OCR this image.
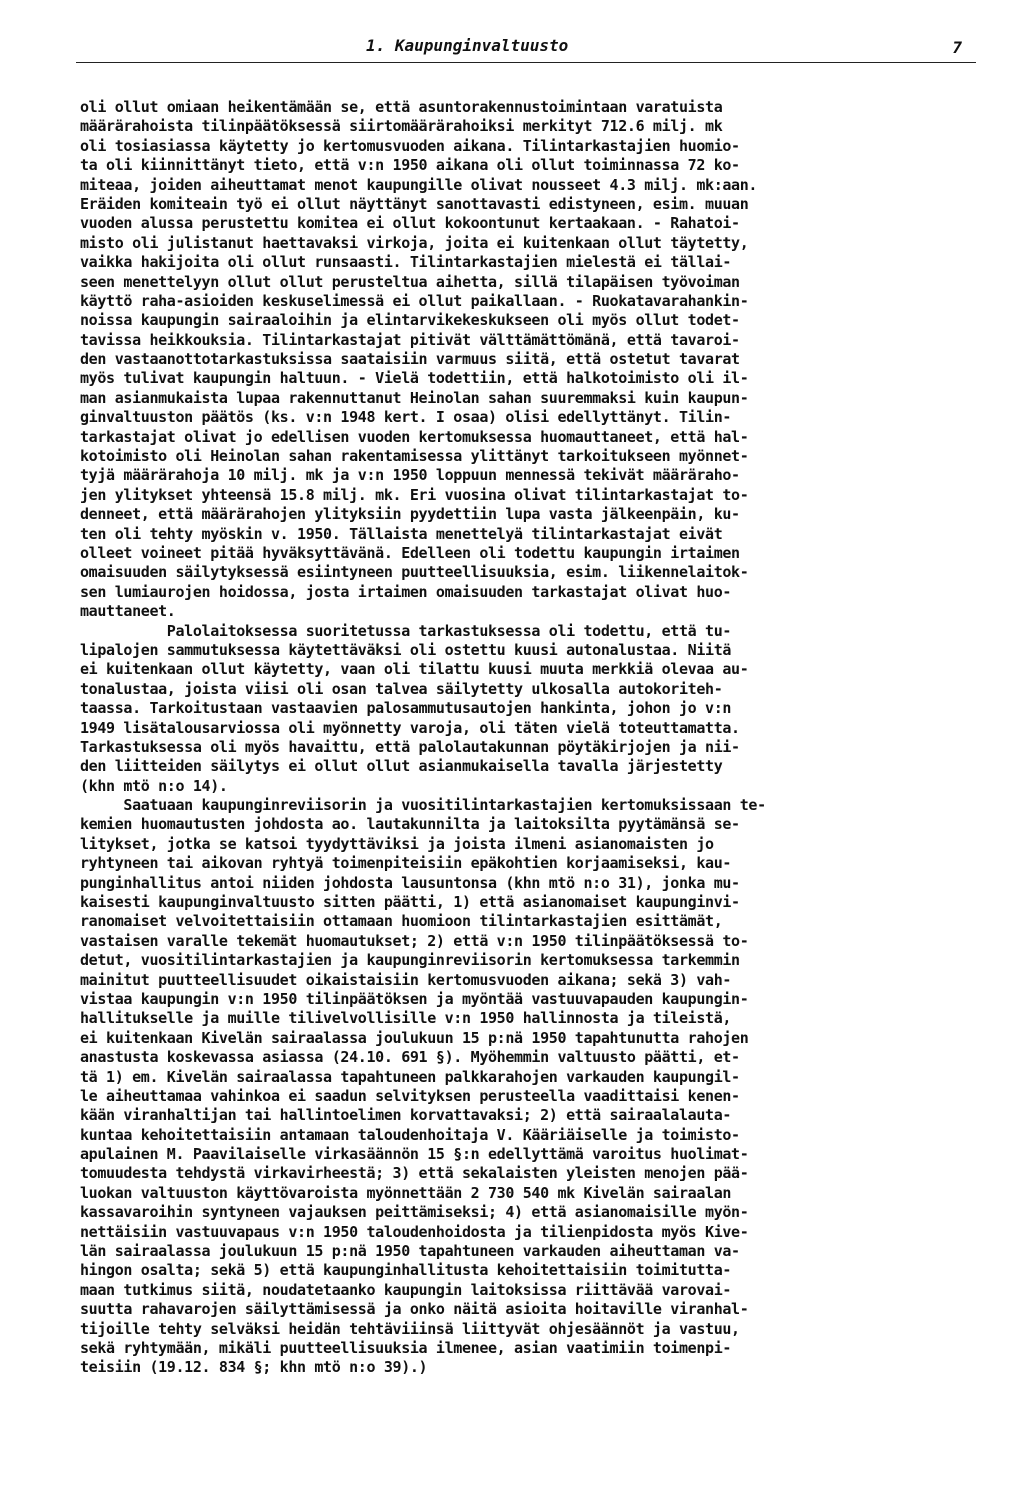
1. Kaupunginvaltuusto	7
oli ollut omiaan heikentämään se, että asuntorakennustoimintaan varatuista
määrärahoista tilinpäätöksessä siirtomäärärahoiksi merkityt 712.6 milj. mk
oli tosiasiassa käytetty jo kertomusvuoden aikana. Tilintarkastajien huomio-
ta oli kiinnittänyt tieto, että v:n 1950 aikana oli ollut toiminnassa 72 ko-
miteaa, joiden aiheuttamat menot kaupungille olivat nousseet 4.3 milj. mk:aan.
Eräiden komiteain työ ei ollut näyttänyt sanottavasti edistyneen, esim. muuan
vuoden alussa perustettu komitea ei ollut kokoontunut kertaakaan. - Rahatoi-
misto oli julistanut haettavaksi virkoja, joita ei kuitenkaan ollut täytetty,
vaikka hakijoita oli ollut runsaasti. Tilintarkastajien mielestä ei tällai-
seen menettelyyn ollut ollut perusteltua aihetta, sillä tilapäisen työvoiman
käyttö raha-asioiden keskuselimessä ei ollut paikallaan. - Ruokatavarahankin-
noissa kaupungin sairaaloihin ja elintarvikekeskukseen oli myös ollut todet-
tavissa heikkouksia. Tilintarkastajat pitivät välttämättömänä, että tavaroi-
den vastaanottotarkastuksissa saataisiin varmuus siitä, että ostetut tavarat
myös tulivat kaupungin haltuun. - Vielä todettiin, että halkotoimisto oli il-
man asianmukaista lupaa rakennuttanut Heinolan sahan suuremmaksi kuin kaupun-
ginvaltuuston päätös (ks. v:n 1948 kert. I osaa) olisi edellyttänyt. Tilin-
tarkastajat olivat jo edellisen vuoden kertomuksessa huomauttaneet, että hal-
kotoimisto oli Heinolan sahan rakentamisessa ylittänyt tarkoitukseen myönnet-
tyjä määrärahoja 10 milj. mk ja v:n 1950 loppuun mennessä tekivät määräraho-
jen ylitykset yhteensä 15.8 milj. mk. Eri vuosina olivat tilintarkastajat to-
denneet, että määrärahojen ylityksiin pyydettiin lupa vasta jälkeenpäin, ku-
ten oli tehty myöskin v. 1950. Tällaista menettelyä tilintarkastajat eivät
olleet voineet pitää hyväksyttävänä. Edelleen oli todettu kaupungin irtaimen
omaisuuden säilytyksessä esiintyneen puutteellisuuksia, esim. liikennelaitok-
sen lumiaurojen hoidossa, josta irtaimen omaisuuden tarkastajat olivat huo-
mauttaneet.
Palolaitoksessa suoritetussa tarkastuksessa oli todettu, että tu-
lipalojen sammutuksessa käytettäväksi oli ostettu kuusi autonalustaa. Niitä
ei kuitenkaan ollut käytetty, vaan oli tilattu kuusi muuta merkkiä olevaa au-
tonalustaa, joista viisi oli osan talvea säilytetty ulkosalla autokoriteh-
taassa. Tarkoitustaan vastaavien palosammutusautojen hankinta, johon jo v:n
1949 lisätalousarviossa oli myönnetty varoja, oli täten vielä toteuttamatta.
Tarkastuksessa oli myös havaittu, että palolautakunnan pöytäkirjojen ja nii-
den liitteiden säilytys ei ollut ollut asianmukaisella tavalla järjestetty
(khn mtö n:o 14).
Saatuaan kaupunginreviisorin ja vuositilintarkastajien kertomuksissaan te-
kemien huomautusten johdosta ao. lautakunnilta ja laitoksilta pyytämänsä se-
litykset, jotka se katsoi tyydyttäviksi ja joista ilmeni asianomaisten jo
ryhtyneen tai aikovan ryhtyä toimenpiteisiin epäkohtien korjaamiseksi, kau-
punginhallitus antoi niiden johdosta lausuntonsa (khn mtö n:o 31), jonka mu-
kaisesti kaupunginvaltuusto sitten päätti, 1) että asianomaiset kaupunginvi-
ranomaiset velvoitettaisiin ottamaan huomioon tilintarkastajien esittämät,
vastaisen varalle tekemät huomautukset; 2) että v:n 1950 tilinpäätöksessä to-
detut, vuositilintarkastajien ja kaupunginreviisorin kertomuksessa tarkemmin
mainitut puutteellisuudet oikaistaisiin kertomusvuoden aikana; sekä 3) vah-
vistaa kaupungin v:n 1950 tilinpäätöksen ja myöntää vastuuvapauden kaupungin-
hallitukselle ja muille tilivelvollisille v:n 1950 hallinnosta ja tileistä,
ei kuitenkaan Kivelän sairaalassa joulukuun 15 p:nä 1950 tapahtunutta rahojen
anastusta koskevassa asiassa (24.10. 691 §). Myöhemmin valtuusto päätti, et-
tä 1) em. Kivelän sairaalassa tapahtuneen palkkarahojen varkauden kaupungil-
le aiheuttamaa vahinkoa ei saadun selvityksen perusteella vaadittaisi kenen-
kään viranhaltijan tai hallintoelimen korvattavaksi; 2) että sairaalalauta-
kuntaa kehoitettaisiin antamaan taloudenhoitaja V. Kääriäiselle ja toimisto-
apulainen M. Paavilaiselle virkasäännön 15 §:n edellyttämä varoitus huolimat-
tomuudesta tehdystä virkavirheestä; 3) että sekalaisten yleisten menojen pää-
luokan valtuuston käyttövaroista myönnettään 2 730 540 mk Kivelän sairaalan
kassavaroihin syntyneen vajauksen peittämiseksi; 4) että asianomaisille myön-
nettäisiin vastuuvapaus v:n 1950 taloudenhoidosta ja tilienpidosta myös Kive-
län sairaalassa joulukuun 15 p:nä 1950 tapahtuneen varkauden aiheuttaman va-
hingon osalta; sekä 5) että kaupunginhallitusta kehoitettaisiin toimitutta-
maan tutkimus siitä, noudatetaanko kaupungin laitoksissa riittävää varovai-
suutta rahavarojen säilyttämisessä ja onko näitä asioita hoitaville viranhal-
tijoille tehty selväksi heidän tehtäviiinsä liittyvät ohjesäännöt ja vastuu,
sekä ryhtymään, mikäli puutteellisuuksia ilmenee, asian vaatimiin toimenpi-
teisiin (19.12. 834 §; khn mtö n:o 39).)
